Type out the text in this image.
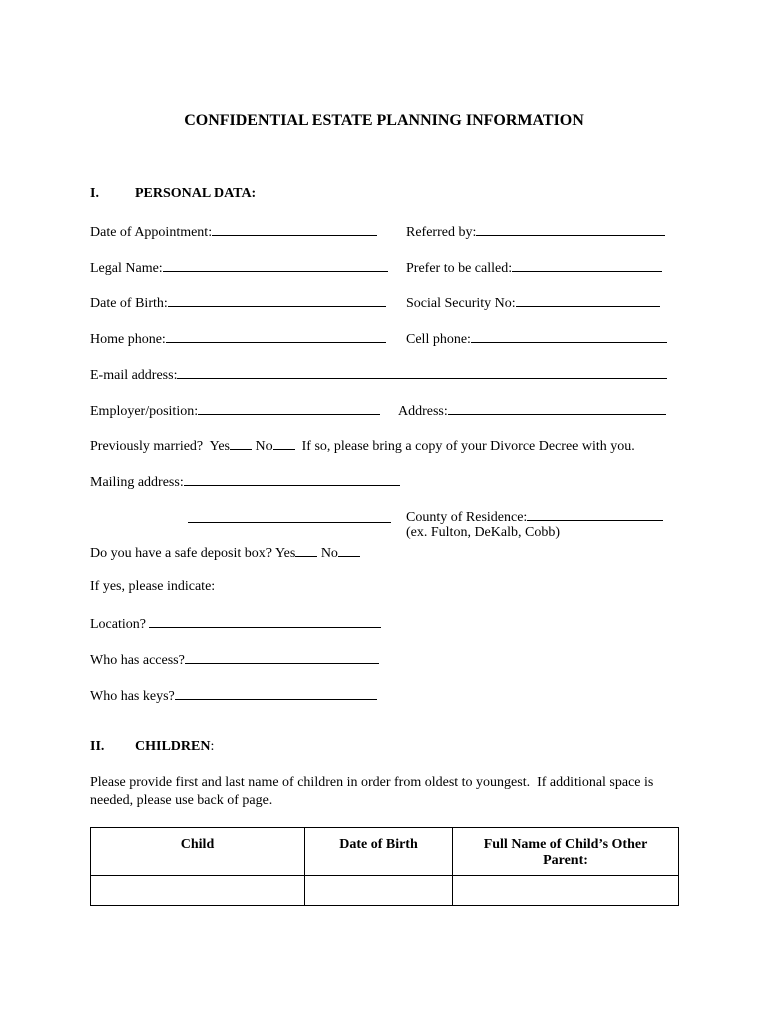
CONFIDENTIAL ESTATE PLANNING INFORMATION
I.	PERSONAL DATA:
Date of Appointment:	Referred by:
Legal Name:	Prefer to be called:
Date of Birth:	Social Security No:
Home phone:	Cell phone:
E-mail address:
Employer/position:	Address:
Previously married? Yes No If so, please bring a copy of your Divorce Decree with you.
Mailing address:
County of Residence:
(ex. Fulton, DeKalb, Cobb)
Do you have a safe deposit box? Yes No
If yes, please indicate:
Location?
Who has access?
Who has keys?
II. CHILDREN:
Please provide first and last name of children in order from oldest to youngest.  If additional space is
needed, please use back of page.
Child	Date of Birth	Full Name of Child’s Other Parent:
